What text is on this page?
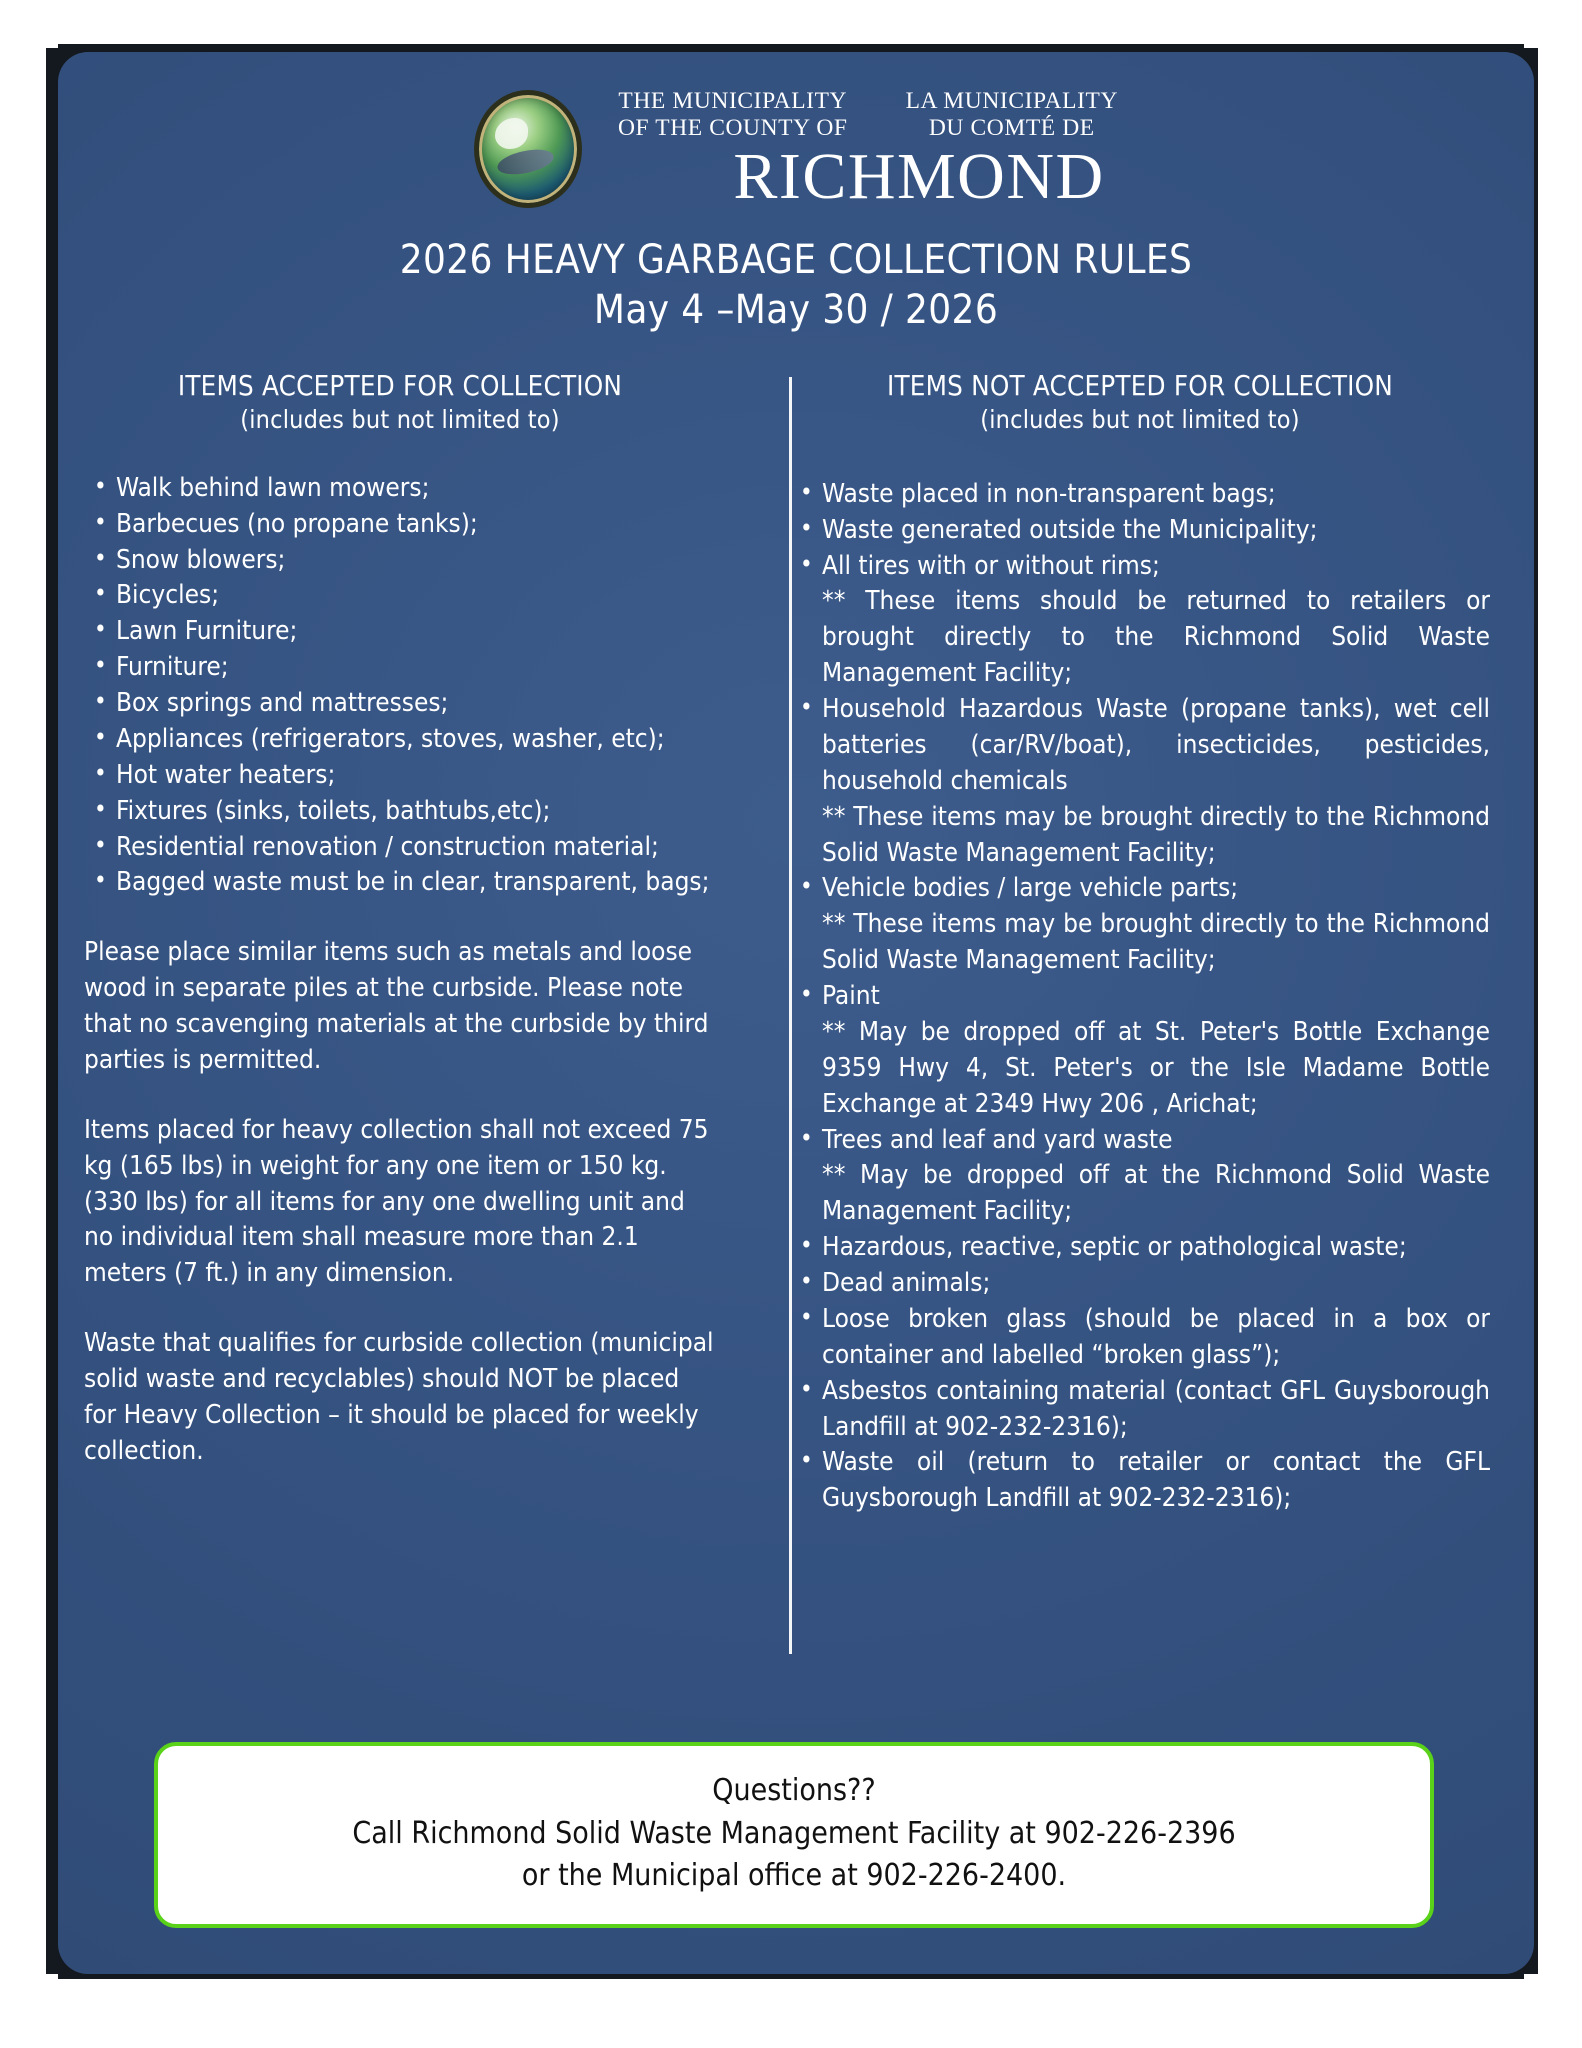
THE MUNICIPALITY
OF THE COUNTY OF
LA MUNICIPALITY
DU COMTÉ DE
RICHMOND
2026 HEAVY GARBAGE COLLECTION RULES
May 4 –May 30 / 2026
ITEMS ACCEPTED FOR COLLECTION
(includes but not limited to)
• Walk behind lawn mowers;
• Barbecues (no propane tanks);
• Snow blowers;
• Bicycles;
• Lawn Furniture;
• Furniture;
• Box springs and mattresses;
• Appliances (refrigerators, stoves, washer, etc);
• Hot water heaters;
• Fixtures (sinks, toilets, bathtubs,etc);
• Residential renovation / construction material;
• Bagged waste must be in clear, transparent, bags;
Please place similar items such as metals and loose wood in separate piles at the curbside. Please note that no scavenging materials at the curbside by third parties is permitted.
Items placed for heavy collection shall not exceed 75 kg (165 lbs) in weight for any one item or 150 kg. (330 lbs) for all items for any one dwelling unit and no individual item shall measure more than 2.1 meters (7 ft.) in any dimension.
Waste that qualifies for curbside collection (municipal solid waste and recyclables) should NOT be placed for Heavy Collection – it should be placed for weekly collection.
ITEMS NOT ACCEPTED FOR COLLECTION
(includes but not limited to)
• Waste placed in non-transparent bags;
• Waste generated outside the Municipality;
• All tires with or without rims;
** These items should be returned to retailers or brought directly to the Richmond Solid Waste Management Facility;
• Household Hazardous Waste (propane tanks), wet cell batteries (car/RV/boat), insecticides, pesticides, household chemicals
** These items may be brought directly to the Richmond Solid Waste Management Facility;
• Vehicle bodies / large vehicle parts;
** These items may be brought directly to the Richmond Solid Waste Management Facility;
• Paint
** May be dropped off at St. Peter's Bottle Exchange 9359 Hwy 4, St. Peter's or the Isle Madame Bottle Exchange at 2349 Hwy 206 , Arichat;
• Trees and leaf and yard waste
** May be dropped off at the Richmond Solid Waste Management Facility;
• Hazardous, reactive, septic or pathological waste;
• Dead animals;
• Loose broken glass (should be placed in a box or container and labelled “broken glass”);
• Asbestos containing material (contact GFL Guysborough Landfill at 902-232-2316);
• Waste oil (return to retailer or contact the GFL Guysborough Landfill at 902-232-2316);
Questions??
Call Richmond Solid Waste Management Facility at 902-226-2396
or the Municipal office at 902-226-2400.
